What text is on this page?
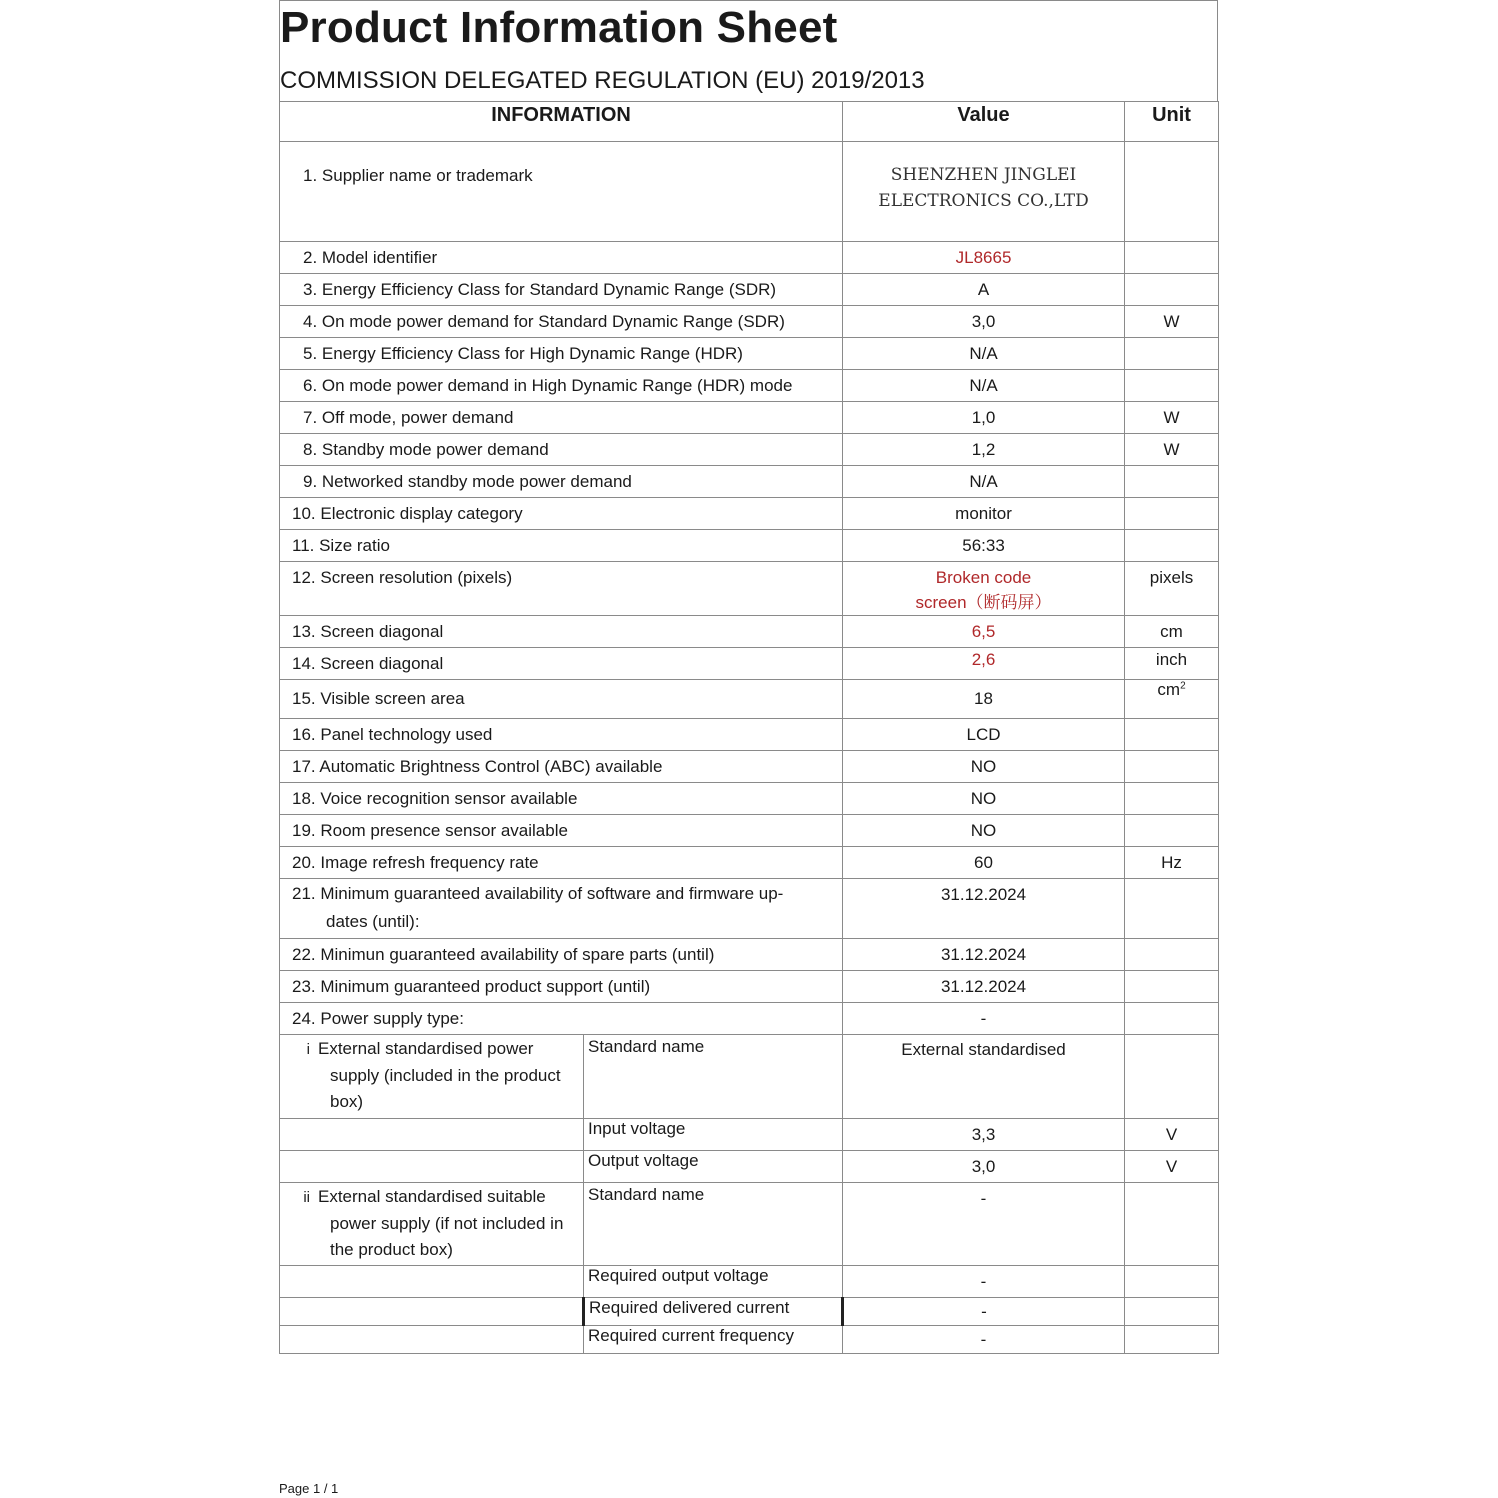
Product Information Sheet
COMMISSION DELEGATED REGULATION (EU) 2019/2013
INFORMATION		Value	Unit
1. Supplier name or trademark		SHENZHEN JINGLEI
ELECTRONICS CO.,LTD	

2. Model identifier		JL8665	
3. Energy Efficiency Class for Standard Dynamic Range (SDR)		A	
4. On mode power demand for Standard Dynamic Range (SDR)		3,0	W
5. Energy Efficiency Class for High Dynamic Range (HDR)		N/A	
6. On mode power demand in High Dynamic Range (HDR) mode		N/A	
7. Off mode, power demand		1,0	W
8. Standby mode power demand		1,2	W
9. Networked standby mode power demand		N/A	
10. Electronic display category		monitor	
11. Size ratio		56:33	
12. Screen resolution (pixels)		Broken code
screen（断码屏）	pixels
13. Screen diagonal		6,5	cm
14. Screen diagonal		2,6	inch
15. Visible screen area		18	$cm^2$
16. Panel technology used		LCD	
17. Automatic Brightness Control (ABC) available		NO	
18. Voice recognition sensor available		NO	
19. Room presence sensor available		NO	
20. Image refresh frequency rate		60	Hz

21. Minimum guaranteed availability of software and firmware up-
dates (until):		31.12.2024	
22. Minimun guaranteed availability of spare parts (until)		31.12.2024	
23. Minimum guaranteed product support (until)		31.12.2024	
24. Power supply type:		-	
i External standardised power
supply (included in the product
box)	Standard name	External standardised	
	Input voltage	3,3	V
	Output voltage	3,0	V
ii External standardised suitable
power supply (if not included in
the product box)	Standard name	-	
	Required output voltage	-	
	Required delivered current	-	
	Required current frequency	-	
Page 1 / 1
